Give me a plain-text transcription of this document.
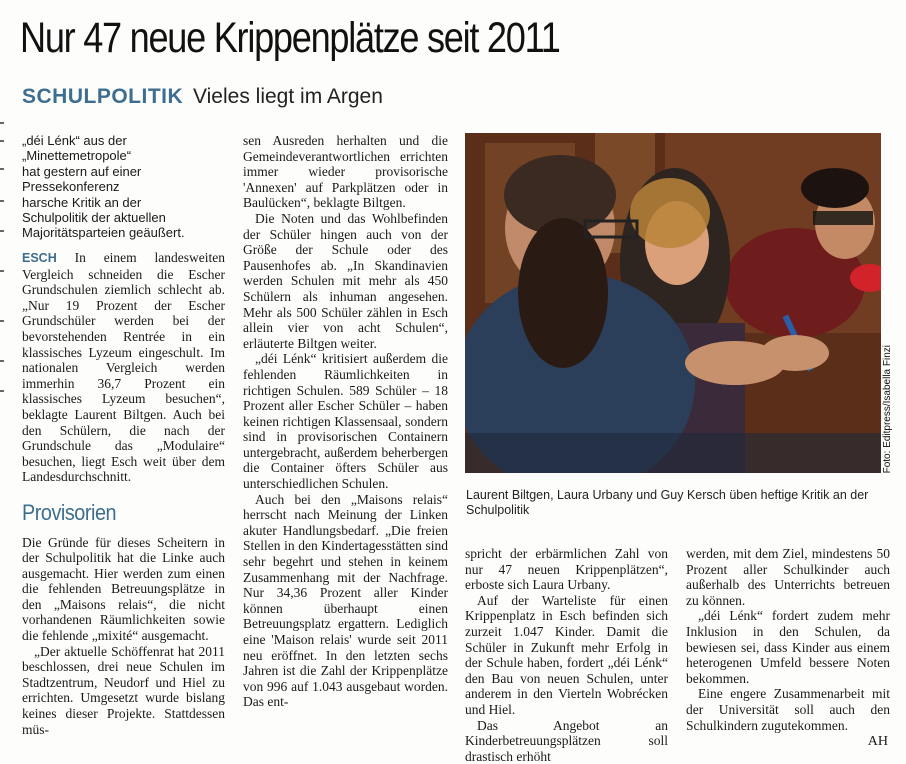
Nur 47 neue Krippenplätze seit 2011
SCHULPOLITIK Vieles liegt im Argen
„déi Lénk“ aus der
„Minettemetropole“
hat gestern auf einer
Pressekonferenz
harsche Kritik an der
Schulpolitik der aktuellen
Majoritätsparteien geäußert.

ESCH In einem landesweiten Vergleich schneiden die Escher Grundschulen ziemlich schlecht ab. „Nur 19 Prozent der Escher Grundschüler werden bei der bevorstehenden Rentrée in ein klassisches Lyzeum eingeschult. Im nationalen Vergleich werden immerhin 36,7 Prozent ein klassisches Lyzeum besuchen“, beklagte Laurent Biltgen. Auch bei den Schülern, die nach der Grundschule das „Modulaire“ besuchen, liegt Esch weit über dem Landesdurchschnitt.

Provisorien

Die Gründe für dieses Scheitern in der Schulpolitik hat die Linke auch ausgemacht. Hier werden zum einen die fehlenden Betreuungsplätze in den „Maisons relais“, die nicht vorhandenen Räumlichkeiten sowie die fehlende „mixité“ ausgemacht.

„Der aktuelle Schöffenrat hat 2011 beschlossen, drei neue Schulen im Stadtzentrum, Neudorf und Hiel zu errichten. Umgesetzt wurde bislang keines dieser Projekte. Stattdessen müs-

sen Ausreden herhalten und die Gemeindeverantwortlichen errichten immer wieder provisorische 'Annexen' auf Parkplätzen oder in Baulücken“, beklagte Biltgen.

Die Noten und das Wohlbefinden der Schüler hingen auch von der Größe der Schule oder des Pausenhofes ab. „In Skandinavien werden Schulen mit mehr als 450 Schülern als inhuman angesehen. Mehr als 500 Schüler zählen in Esch allein vier von acht Schulen“, erläuterte Biltgen weiter.

„déi Lénk“ kritisiert außerdem die fehlenden Räumlichkeiten in richtigen Schulen. 589 Schüler – 18 Prozent aller Escher Schüler – haben keinen richtigen Klassensaal, sondern sind in provisorischen Containern untergebracht, außerdem beherbergen die Container öfters Schüler aus unterschiedlichen Schulen.

Auch bei den „Maisons relais“ herrscht nach Meinung der Linken akuter Handlungsbedarf. „Die freien Stellen in den Kindertagesstätten sind sehr begehrt und stehen in keinem Zusammenhang mit der Nachfrage. Nur 34,36 Prozent aller Kinder können überhaupt einen Betreuungsplatz ergattern. Lediglich eine 'Maison relais' wurde seit 2011 neu eröffnet. In den letzten sechs Jahren ist die Zahl der Krippenplätze von 996 auf 1.043 ausgebaut worden. Das ent-

Foto: Editpress/Isabella Finzi
Laurent Biltgen, Laura Urbany und Guy Kersch üben heftige Kritik an der Schulpolitik

spricht der erbärmlichen Zahl von nur 47 neuen Krippenplätzen“, erboste sich Laura Urbany.

Auf der Warteliste für einen Krippenplatz in Esch befinden sich zurzeit 1.047 Kinder. Damit die Schüler in Zukunft mehr Erfolg in der Schule haben, fordert „déi Lénk“ den Bau von neuen Schulen, unter anderem in den Vierteln Wobrécken und Hiel.

Das Angebot an Kinderbetreuungsplätzen soll drastisch erhöht

werden, mit dem Ziel, mindestens 50 Prozent aller Schulkinder auch außerhalb des Unterrichts betreuen zu können.

„déi Lénk“ fordert zudem mehr Inklusion in den Schulen, da bewiesen sei, dass Kinder aus einem heterogenen Umfeld bessere Noten bekommen.

Eine engere Zusammenarbeit mit der Universität soll auch den Schulkindern zugutekommen.

AH
